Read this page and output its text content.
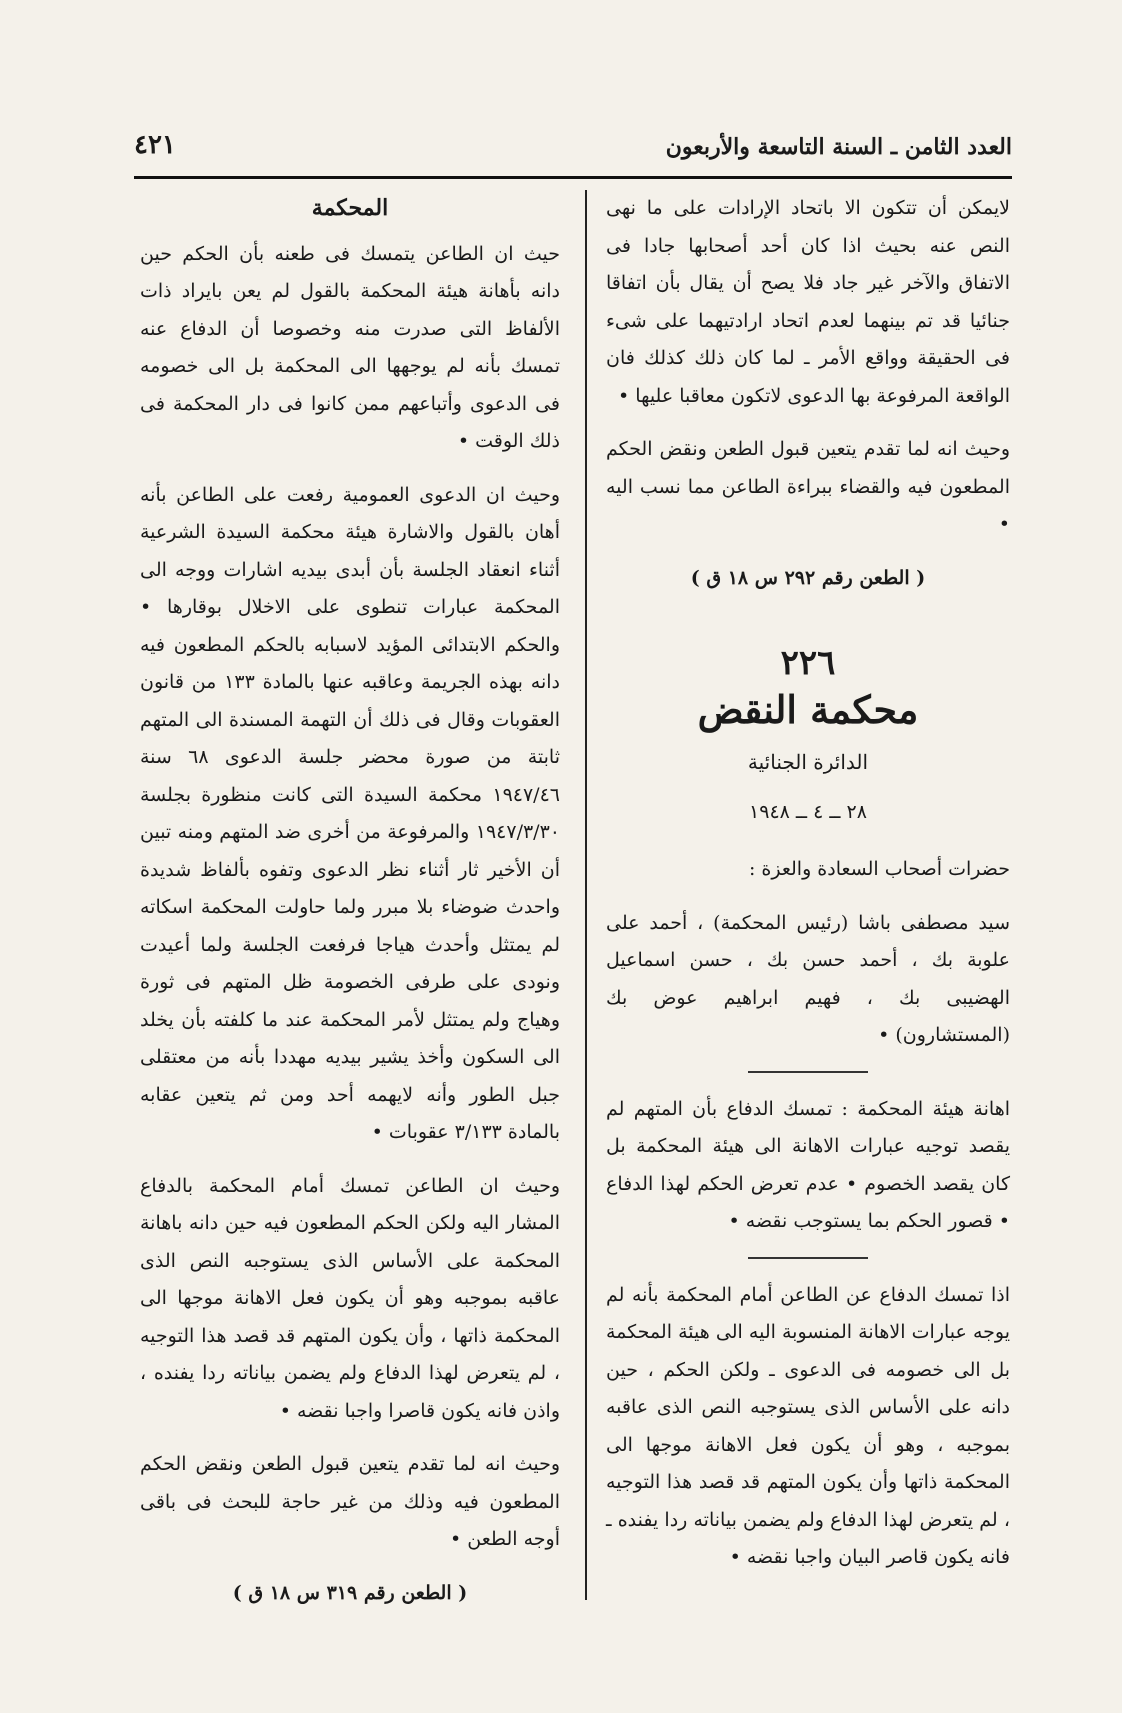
العدد الثامن ـ السنة التاسعة والأربعون
٤٢١

لايمكن أن تتكون الا باتحاد الإرادات على ما نهى النص عنه بحيث اذا كان أحد أصحابها جادا فى الاتفاق والآخر غير جاد فلا يصح أن يقال بأن اتفاقا جنائيا قد تم بينهما لعدم اتحاد ارادتيهما على شىء فى الحقيقة وواقع الأمر ـ لما كان ذلك كذلك فان الواقعة المرفوعة بها الدعوى لاتكون معاقبا عليها •

وحيث انه لما تقدم يتعين قبول الطعن ونقض الحكم المطعون فيه والقضاء ببراءة الطاعن مما نسب اليه •

( الطعن رقم ٢٩٢ س ١٨ ق )
٢٢٦
محكمة النقض
الدائرة الجنائية
٢٨ ــ ٤ ــ ١٩٤٨

حضرات أصحاب السعادة والعزة :

سيد مصطفى باشا (رئيس المحكمة) ، أحمد على علوبة بك ، أحمد حسن بك ، حسن اسماعيل الهضيبى بك ، فهيم ابراهيم عوض بك (المستشارون) •

اهانة هيئة المحكمة : تمسك الدفاع بأن المتهم لم يقصد توجيه عبارات الاهانة الى هيئة المحكمة بل كان يقصد الخصوم • عدم تعرض الحكم لهذا الدفاع • قصور الحكم بما يستوجب نقضه •

اذا تمسك الدفاع عن الطاعن أمام المحكمة بأنه لم يوجه عبارات الاهانة المنسوبة اليه الى هيئة المحكمة بل الى خصومه فى الدعوى ـ ولكن الحكم ، حين دانه على الأساس الذى يستوجبه النص الذى عاقبه بموجبه ، وهو أن يكون فعل الاهانة موجها الى المحكمة ذاتها وأن يكون المتهم قد قصد هذا التوجيه ، لم يتعرض لهذا الدفاع ولم يضمن بياناته ردا يفنده ـ فانه يكون قاصر البيان واجبا نقضه •

المحكمة

حيث ان الطاعن يتمسك فى طعنه بأن الحكم حين دانه بأهانة هيئة المحكمة بالقول لم يعن بايراد ذات الألفاظ التى صدرت منه وخصوصا أن الدفاع عنه تمسك بأنه لم يوجهها الى المحكمة بل الى خصومه فى الدعوى وأتباعهم ممن كانوا فى دار المحكمة فى ذلك الوقت •

وحيث ان الدعوى العمومية رفعت على الطاعن بأنه أهان بالقول والاشارة هيئة محكمة السيدة الشرعية أثناء انعقاد الجلسة بأن أبدى بيديه اشارات ووجه الى المحكمة عبارات تنطوى على الاخلال بوقارها • والحكم الابتدائى المؤيد لاسبابه بالحكم المطعون فيه دانه بهذه الجريمة وعاقبه عنها بالمادة ١٣٣ من قانون العقوبات وقال فى ذلك أن التهمة المسندة الى المتهم ثابتة من صورة محضر جلسة الدعوى ٦٨ سنة ١٩٤٧/٤٦ محكمة السيدة التى كانت منظورة بجلسة ١٩٤٧/٣/٣٠ والمرفوعة من أخرى ضد المتهم ومنه تبين أن الأخير ثار أثناء نظر الدعوى وتفوه بألفاظ شديدة واحدث ضوضاء بلا مبرر ولما حاولت المحكمة اسكاته لم يمتثل وأحدث هياجا فرفعت الجلسة ولما أعيدت ونودى على طرفى الخصومة ظل المتهم فى ثورة وهياج ولم يمتثل لأمر المحكمة عند ما كلفته بأن يخلد الى السكون وأخذ يشير بيديه مهددا بأنه من معتقلى جبل الطور وأنه لايهمه أحد ومن ثم يتعين عقابه بالمادة ٣/١٣٣ عقوبات •

وحيث ان الطاعن تمسك أمام المحكمة بالدفاع المشار اليه ولكن الحكم المطعون فيه حين دانه باهانة المحكمة على الأساس الذى يستوجبه النص الذى عاقبه بموجبه وهو أن يكون فعل الاهانة موجها الى المحكمة ذاتها ، وأن يكون المتهم قد قصد هذا التوجيه ، لم يتعرض لهذا الدفاع ولم يضمن بياناته ردا يفنده ، واذن فانه يكون قاصرا واجبا نقضه •

وحيث انه لما تقدم يتعين قبول الطعن ونقض الحكم المطعون فيه وذلك من غير حاجة للبحث فى باقى أوجه الطعن •

( الطعن رقم ٣١٩ س ١٨ ق )
